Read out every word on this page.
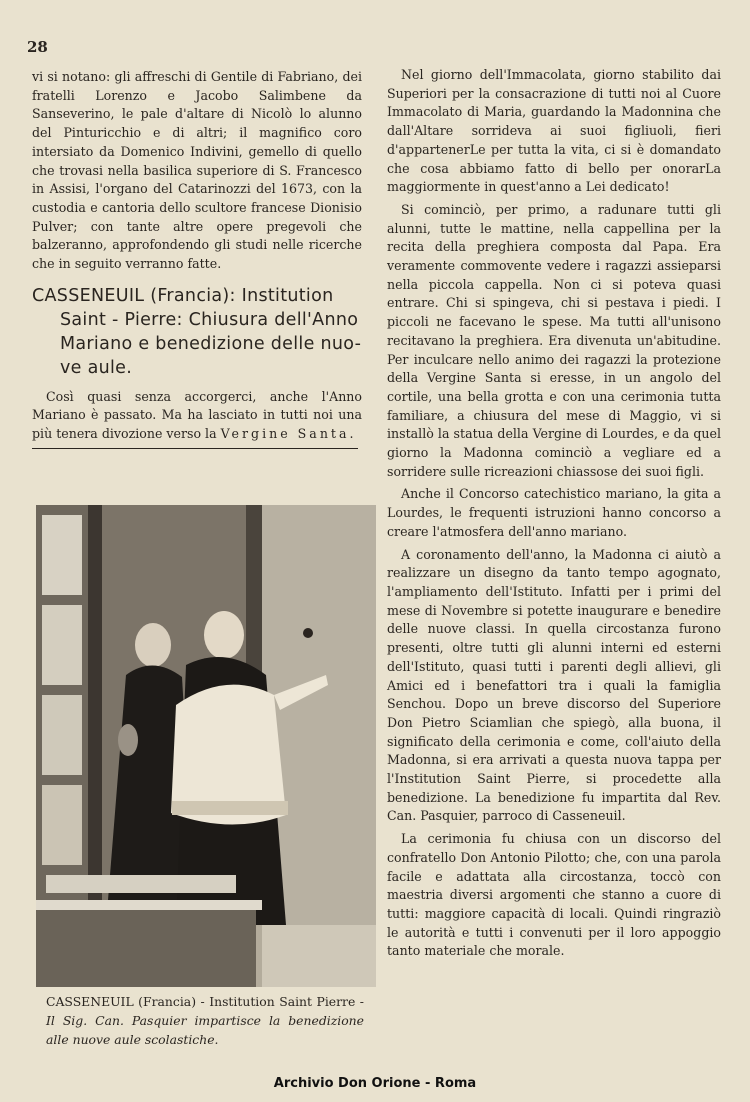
28

vi si notano: gli affreschi di Gentile di Fabriano, dei fratelli Lorenzo e Jacobo Salimbene da Sanseverino, le pale d'altare di Nicolò lo alunno del Pinturicchio e di altri; il magnifico coro intersiato da Domenico Indivini, gemello di quello che trovasi nella basilica superiore di S. Francesco in Assisi, l'organo del Catarinozzi del 1673, con la custodia e cantoria dello scultore francese Dionisio Pulver; con tante altre opere pregevoli che balzeranno, approfondendo gli studi nelle ricerche che in seguito verranno fatte.

CASSENEUIL (Francia): Institution
Saint - Pierre: Chiusura dell'Anno
Mariano e benedizione delle nuo-
ve aule.

Così quasi senza accorgerci, anche l'Anno Mariano è passato. Ma ha lasciato in tutti noi una più tenera divozione verso la Vergine Santa.

CASSENEUIL (Francia) - Institution Saint Pierre - Il Sig. Can. Pasquier impartisce la benedizione alle nuove aule scolastiche.

Nel giorno dell'Immacolata, giorno stabilito dai Superiori per la consacrazione di tutti noi al Cuore Immacolato di Maria, guardando la Madonnina che dall'Altare sorrideva ai suoi figliuoli, fieri d'appartenerLe per tutta la vita, ci si è domandato che cosa abbiamo fatto di bello per onorarLa maggiormente in quest'anno a Lei dedicato!

Si cominciò, per primo, a radunare tutti gli alunni, tutte le mattine, nella cappellina per la recita della preghiera composta dal Papa. Era veramente commovente vedere i ragazzi assieparsi nella piccola cappella. Non ci si poteva quasi entrare. Chi si spingeva, chi si pestava i piedi. I piccoli ne facevano le spese. Ma tutti all'unisono recitavano la preghiera. Era divenuta un'abitudine. Per inculcare nello animo dei ragazzi la protezione della Vergine Santa si eresse, in un angolo del cortile, una bella grotta e con una cerimonia tutta familiare, a chiusura del mese di Maggio, vi si installò la statua della Vergine di Lourdes, e da quel giorno la Madonna cominciò a vegliare ed a sorridere sulle ricreazioni chiassose dei suoi figli.

Anche il Concorso catechistico mariano, la gita a Lourdes, le frequenti istruzioni hanno concorso a creare l'atmosfera dell'anno mariano.

A coronamento dell'anno, la Madonna ci aiutò a realizzare un disegno da tanto tempo agognato, l'ampliamento dell'Istituto. Infatti per i primi del mese di Novembre si potette inaugurare e benedire delle nuove classi. In quella circostanza furono presenti, oltre tutti gli alunni interni ed esterni dell'Istituto, quasi tutti i parenti degli allievi, gli Amici ed i benefattori tra i quali la famiglia Senchou. Dopo un breve discorso del Superiore Don Pietro Sciamlian che spiegò, alla buona, il significato della cerimonia e come, coll'aiuto della Madonna, si era arrivati a questa nuova tappa per l'Institution Saint Pierre, si procedette alla benedizione. La benedizione fu impartita dal Rev. Can. Pasquier, parroco di Casseneuil.

La cerimonia fu chiusa con un discorso del confratello Don Antonio Pilotto; che, con una parola facile e adattata alla circostanza, toccò con maestria diversi argomenti che stanno a cuore di tutti: maggiore capacità di locali. Quindi ringraziò le autorità e tutti i convenuti per il loro appoggio tanto materiale che morale.

Archivio Don Orione - Roma
